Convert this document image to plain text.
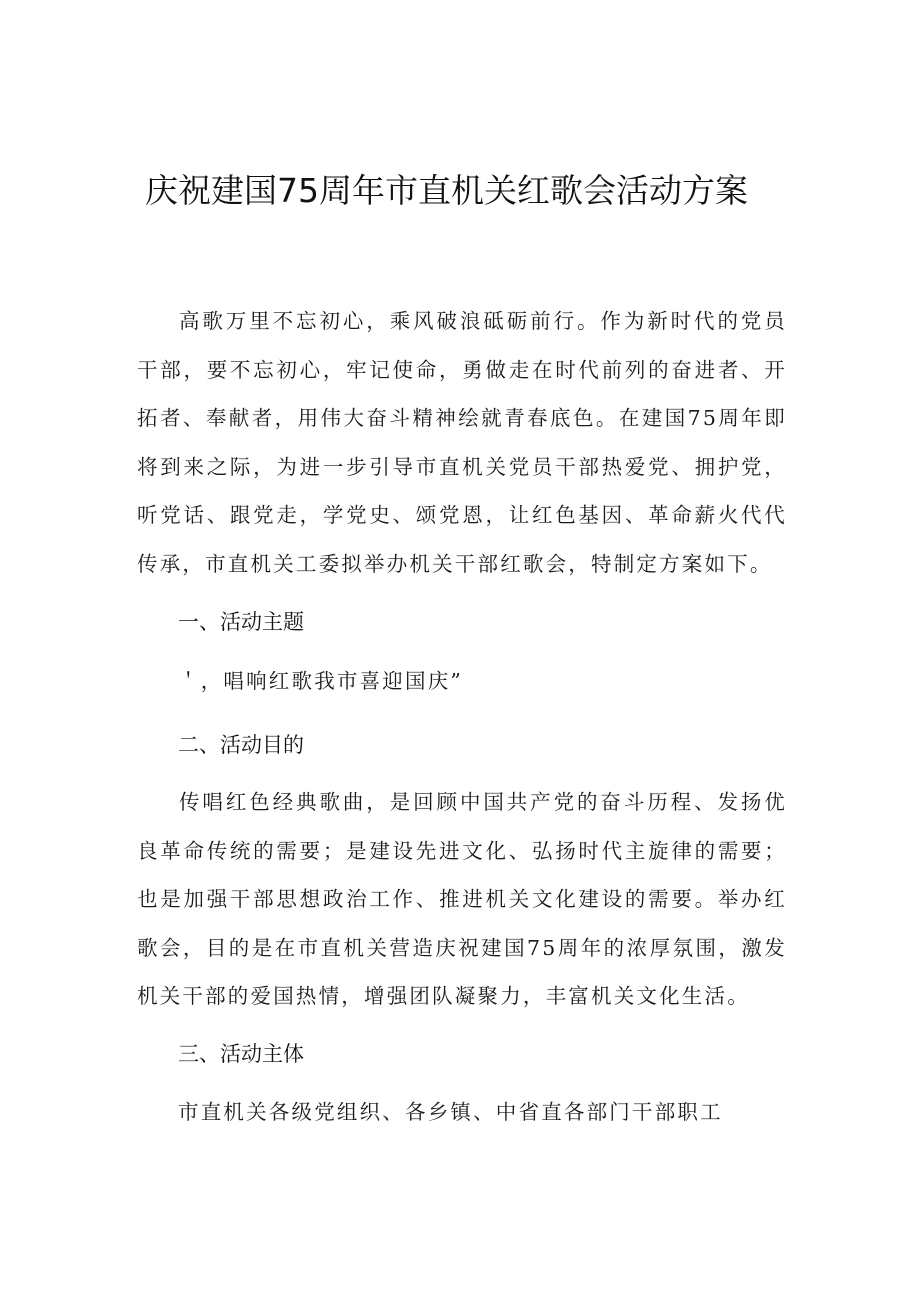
庆祝建国75周年市直机关红歌会活动方案

高歌万里不忘初心，乘风破浪砥砺前行。作为新时代的党员干部，要不忘初心，牢记使命，勇做走在时代前列的奋进者、开拓者、奉献者，用伟大奋斗精神绘就青春底色。在建国75周年即将到来之际，为进一步引导市直机关党员干部热爱党、拥护党，听党话、跟党走，学党史、颂党恩，让红色基因、革命薪火代代传承，市直机关工委拟举办机关干部红歌会，特制定方案如下。

一、活动主题
＇，唱响红歌我市喜迎国庆”
二、活动目的

传唱红色经典歌曲，是回顾中国共产党的奋斗历程、发扬优良革命传统的需要；是建设先进文化、弘扬时代主旋律的需要；也是加强干部思想政治工作、推进机关文化建设的需要。举办红歌会，目的是在市直机关营造庆祝建国75周年的浓厚氛围，激发机关干部的爱国热情，增强团队凝聚力，丰富机关文化生活。

三、活动主体
市直机关各级党组织、各乡镇、中省直各部门干部职工
